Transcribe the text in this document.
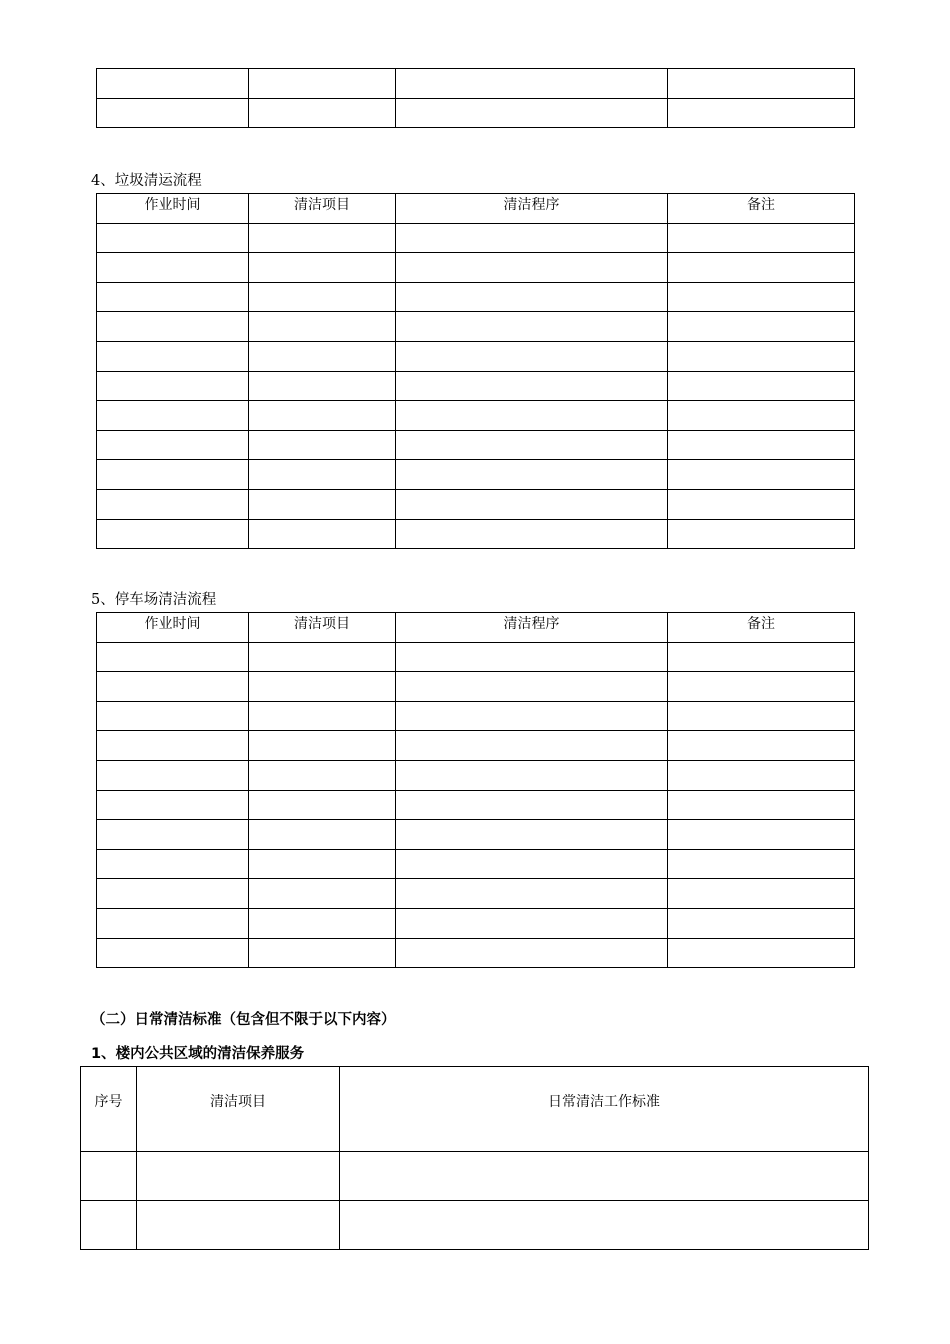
4、垃圾清运流程
作业时间	清洁项目	清洁程序	备注

5、停车场清洁流程
作业时间	清洁项目	清洁程序	备注

（二）日常清洁标准（包含但不限于以下内容）
1、楼内公共区域的清洁保养服务
序号	清洁项目	日常清洁工作标准
